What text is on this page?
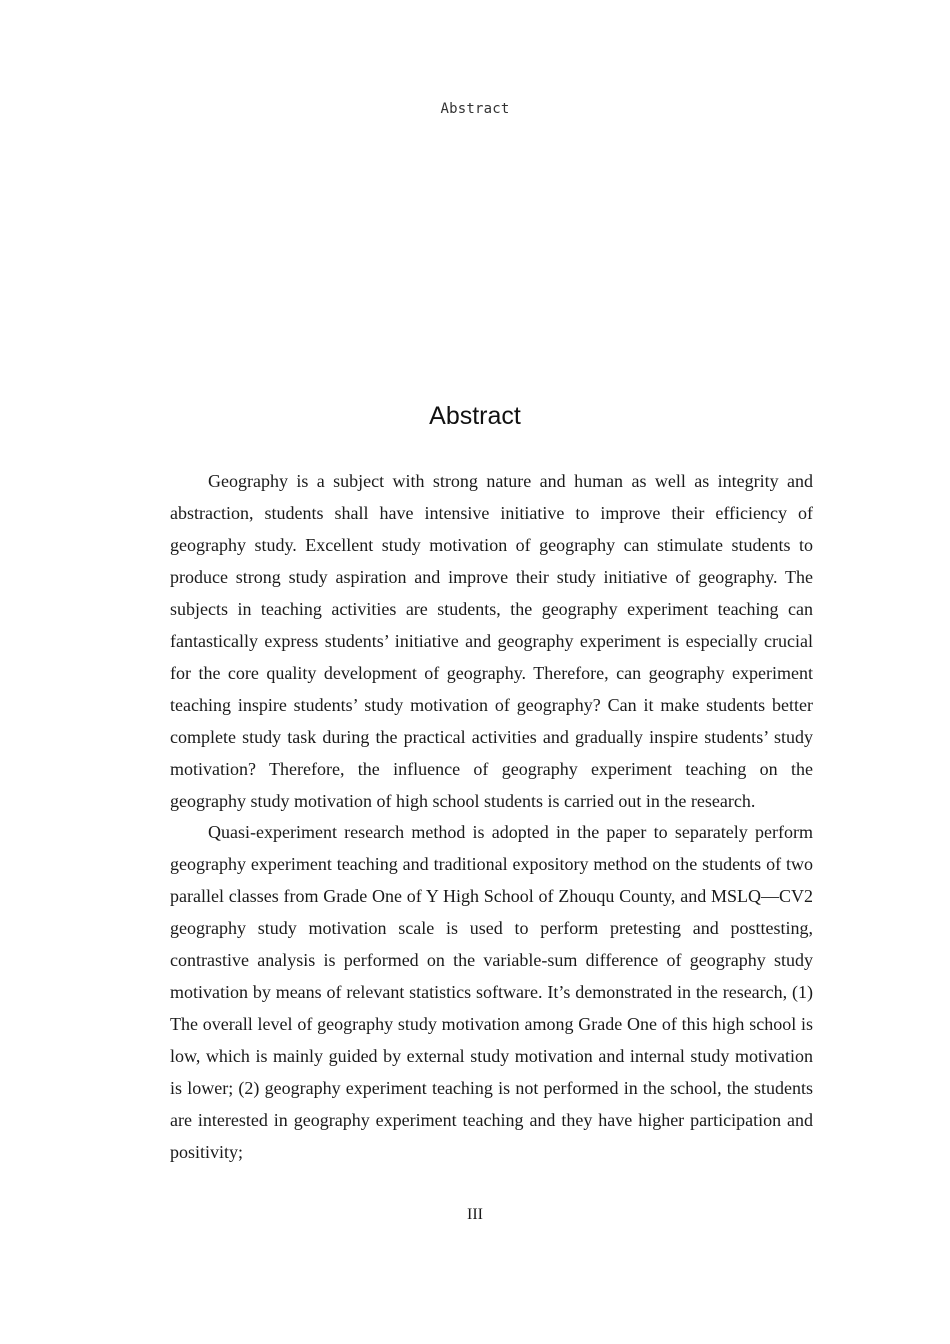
Abstract
Abstract

Geography is a subject with strong nature and human as well as integrity and abstraction, students shall have intensive initiative to improve their efficiency of geography study. Excellent study motivation of geography can stimulate students to produce strong study aspiration and improve their study initiative of geography. The subjects in teaching activities are students, the geography experiment teaching can fantastically express students’ initiative and geography experiment is especially crucial for the core quality development of geography. Therefore, can geography experiment teaching inspire students’ study motivation of geography? Can it make students better complete study task during the practical activities and gradually inspire students’ study motivation? Therefore, the influence of geography experiment teaching on the geography study motivation of high school students is carried out in the research.

Quasi-experiment research method is adopted in the paper to separately perform geography experiment teaching and traditional expository method on the students of two parallel classes from Grade One of Y High School of Zhouqu County, and MSLQ—CV2 geography study motivation scale is used to perform pretesting and posttesting, contrastive analysis is performed on the variable-sum difference of geography study motivation by means of relevant statistics software. It’s demonstrated in the research, (1) The overall level of geography study motivation among Grade One of this high school is low, which is mainly guided by external study motivation and internal study motivation is lower; (2) geography experiment teaching is not performed in the school, the students are interested in geography experiment teaching and they have higher participation and positivity;

III
